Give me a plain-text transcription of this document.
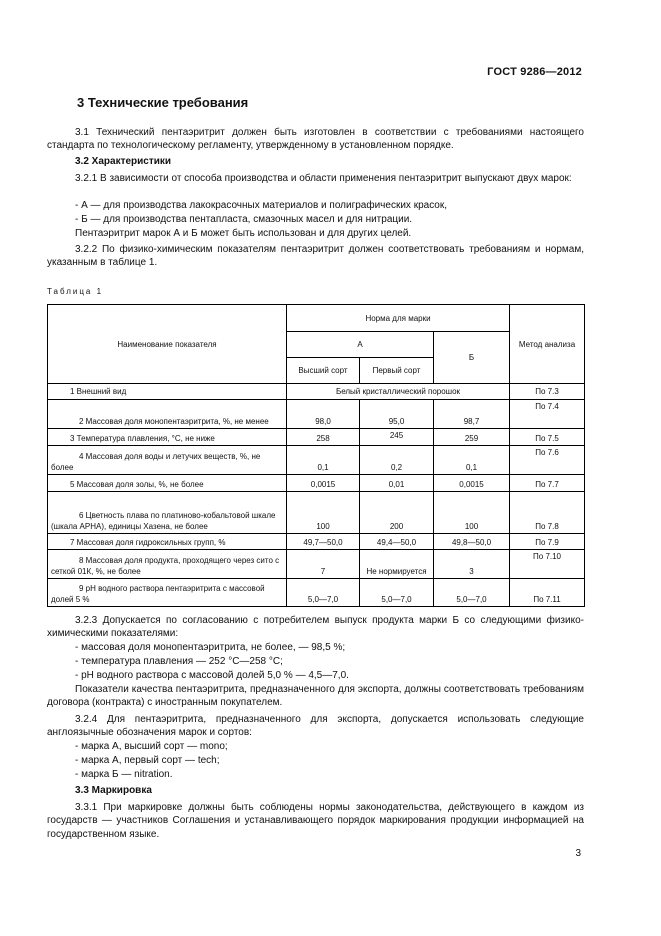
ГОСТ 9286—2012
3 Технические требования
3.1 Технический пентаэритрит должен быть изготовлен в соответствии с требованиями настоящего стандарта по технологическому регламенту, утвержденному в установленном порядке.
3.2 Характеристики
3.2.1 В зависимости от способа производства и области применения пентаэритрит выпускают двух марок:
- А — для производства лакокрасочных материалов и полиграфических красок,
- Б — для производства пентапласта, смазочных масел и для нитрации.
Пентаэритрит марок А и Б может быть использован и для других целей.
3.2.2 По физико-химическим показателям пентаэритрит должен соответствовать требованиям и нормам, указанным в таблице 1.
Таблица 1
Наименование показателя	Норма для марки			Метод анализа
	А		Б	
	Высший сорт	Первый сорт		
1 Внешний вид	Белый кристаллический порошок			По 7.3
2 Массовая доля монопентаэритрита, %, не менее	98,0	95,0	98,7	По 7.4
3 Температура плавления, °С, не ниже	258	245	259	По 7.5
4 Массовая доля воды и летучих веществ, %, не более	0,1	0,2	0,1	По 7.6
5 Массовая доля золы, %, не более	0,0015	0,01	0,0015	По 7.7
6 Цветность плава по платиново-кобальтовой шкале (шкала АРНА), единицы Хазена, не более	100	200	100	По 7.8
7 Массовая доля гидроксильных групп, %	49,7—50,0	49,4—50,0	49,8—50,0	По 7.9
8 Массовая доля продукта, проходящего через сито с сеткой 01К, %, не более	7	Не нормируется	3	По 7.10
9 pH водного раствора пентаэритрита с массовой долей 5 %	5,0—7,0	5,0—7,0	5,0—7,0	По 7.11
3.2.3 Допускается по согласованию с потребителем выпуск продукта марки Б со следующими физико-химическими показателями:
- массовая доля монопентаэритрита, не более, — 98,5 %;
- температура плавления — 252 °С—258 °С;
- pH водного раствора с массовой долей 5,0 % — 4,5—7,0.
Показатели качества пентаэритрита, предназначенного для экспорта, должны соответствовать требованиям договора (контракта) с иностранным покупателем.
3.2.4 Для пентаэритрита, предназначенного для экспорта, допускается использовать следующие англоязычные обозначения марок и сортов:
- марка А, высший сорт — mono;
- марка А, первый сорт — tech;
- марка Б — nitration.
3.3 Маркировка
3.3.1 При маркировке должны быть соблюдены нормы законодательства, действующего в каждом из государств — участников Соглашения и устанавливающего порядок маркирования продукции информацией на государственном языке.
3
